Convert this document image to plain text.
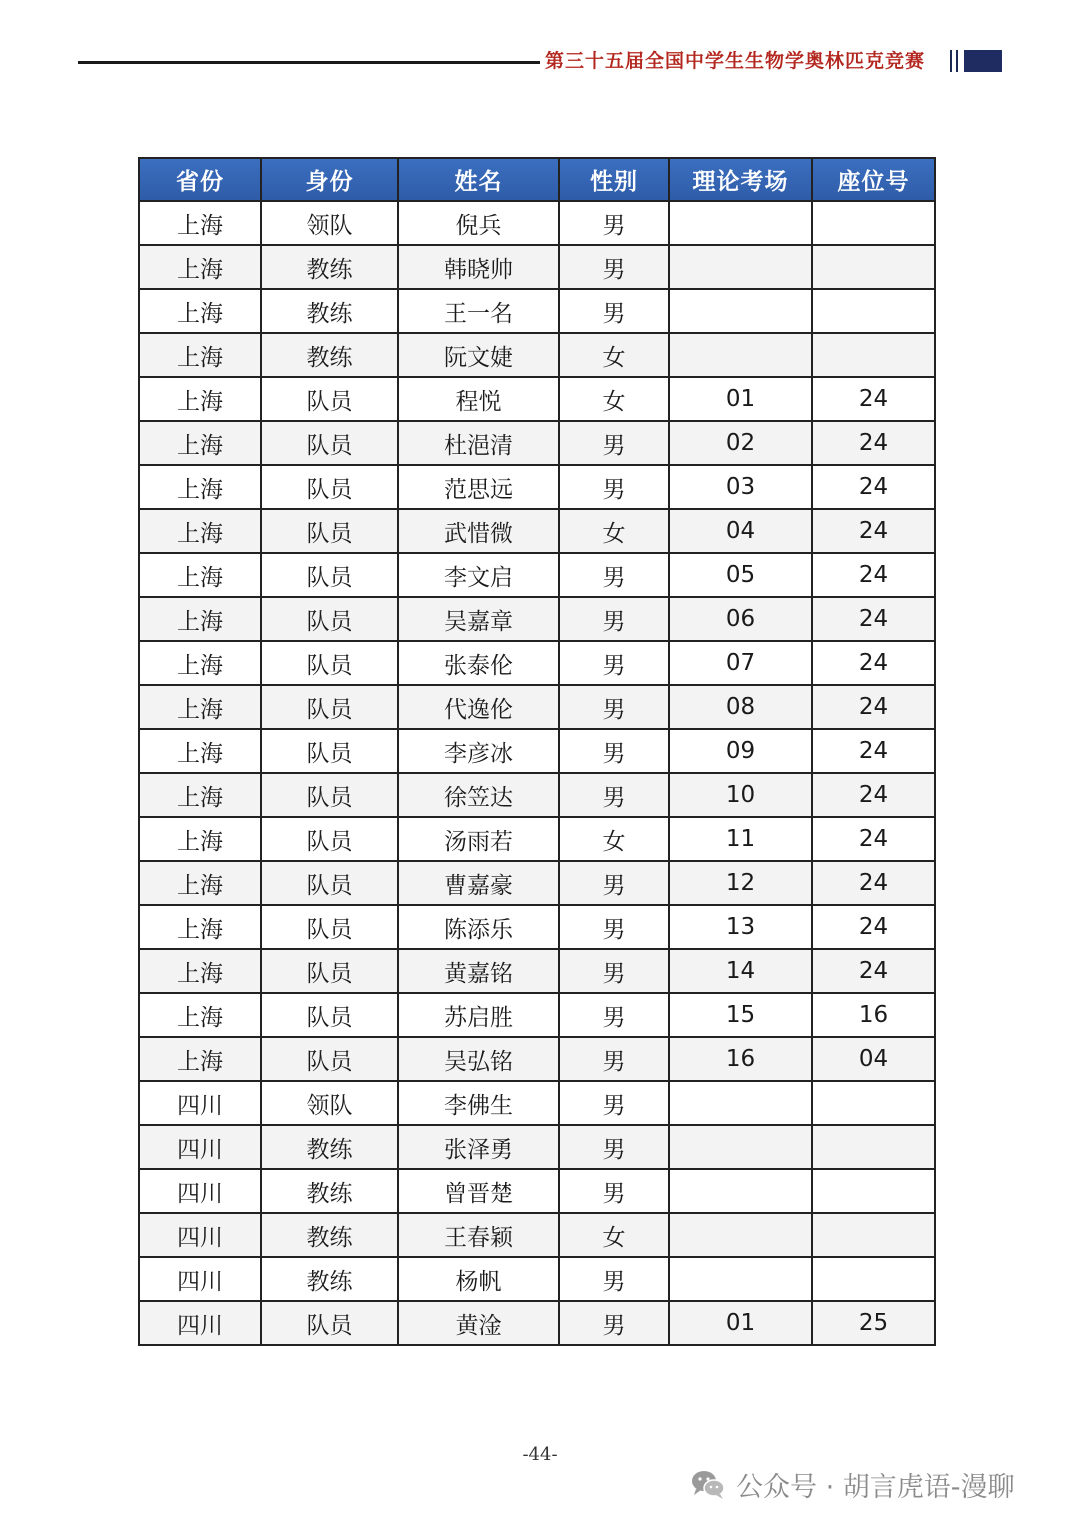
第三十五届全国中学生生物学奥林匹克竞赛
省份	身份	姓名	性别	理论考场	座位号
上海	领队	倪兵	男		
上海	教练	韩晓帅	男		
上海	教练	王一名	男		
上海	教练	阮文婕	女		
上海	队员	程悦	女	01	24
上海	队员	杜浥清	男	02	24
上海	队员	范思远	男	03	24
上海	队员	武惜微	女	04	24
上海	队员	李文启	男	05	24
上海	队员	吴嘉章	男	06	24
上海	队员	张泰伦	男	07	24
上海	队员	代逸伦	男	08	24
上海	队员	李彦冰	男	09	24
上海	队员	徐笠达	男	10	24
上海	队员	汤雨若	女	11	24
上海	队员	曹嘉豪	男	12	24
上海	队员	陈添乐	男	13	24
上海	队员	黄嘉铭	男	14	24
上海	队员	苏启胜	男	15	16
上海	队员	吴弘铭	男	16	04
四川	领队	李佛生	男		
四川	教练	张泽勇	男		
四川	教练	曾晋楚	男		
四川	教练	王春颖	女		
四川	教练	杨帆	男		
四川	队员	黄淦	男	01	25
-44-
公众号 · 胡言虎语-漫聊
